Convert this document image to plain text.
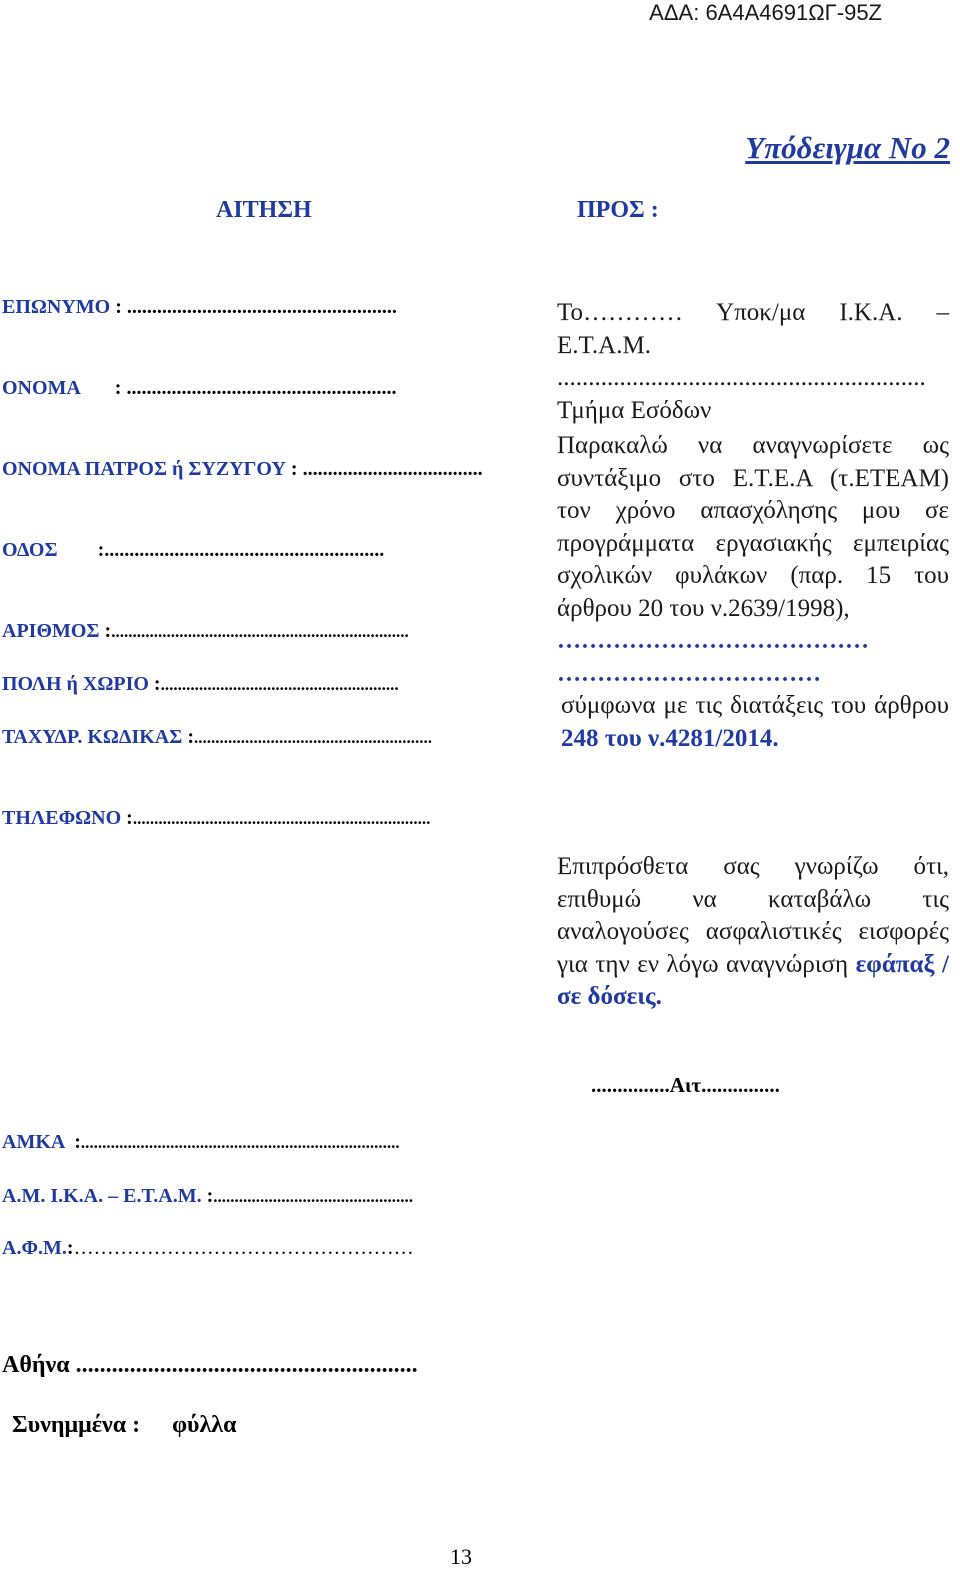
ΑΔΑ: 6Α4Α4691ΩΓ-95Ζ
Υπόδειγμα Νο 2
ΑΙΤΗΣΗ	ΠΡΟΣ :
ΕΠΩΝΥΜΟ : ......................................................
ΟΝΟΜΑ       : ......................................................
ΟΝΟΜΑ ΠΑΤΡΟΣ ή ΣΥΖΥΓΟΥ : ....................................
ΟΔΟΣ        :........................................................
ΑΡΙΘΜΟΣ :......................................................................
ΠΟΛΗ ή ΧΩΡΙΟ :........................................................
ΤΑΧΥΔΡ. ΚΩΔΙΚΑΣ :........................................................
ΤΗΛΕΦΩΝΟ :......................................................................

Το………… Υποκ/μα Ι.Κ.Α. – Ε.Τ.Α.Μ.

...........................................................
Τμήμα Εσόδων

Παρακαλώ να αναγνωρίσετε ως συντάξιμο στο Ε.Τ.Ε.Α (τ.ΕΤΕΑΜ) τον χρόνο απασχόλησης μου σε προγράμματα εργασιακής εμπειρίας σχολικών φυλάκων (παρ. 15 του άρθρου 20 του ν.2639/1998),

…………………………………
……………………………

σύμφωνα με τις διατάξεις του άρθρου 248 του ν.4281/2014.

Επιπρόσθετα σας γνωρίζω ότι, επιθυμώ να καταβάλω τις αναλογούσες ασφαλιστικές εισφορές για την εν λόγω αναγνώριση εφάπαξ / σε δόσεις.

...............Αιτ...............
ΑΜΚΑ  :...........................................................................
Α.Μ. Ι.Κ.Α. – Ε.Τ.Α.Μ. :...............................................
Α.Φ.Μ.:……………………………………………
Αθήνα .........................................................
Συνημμένα : φύλλα
13
